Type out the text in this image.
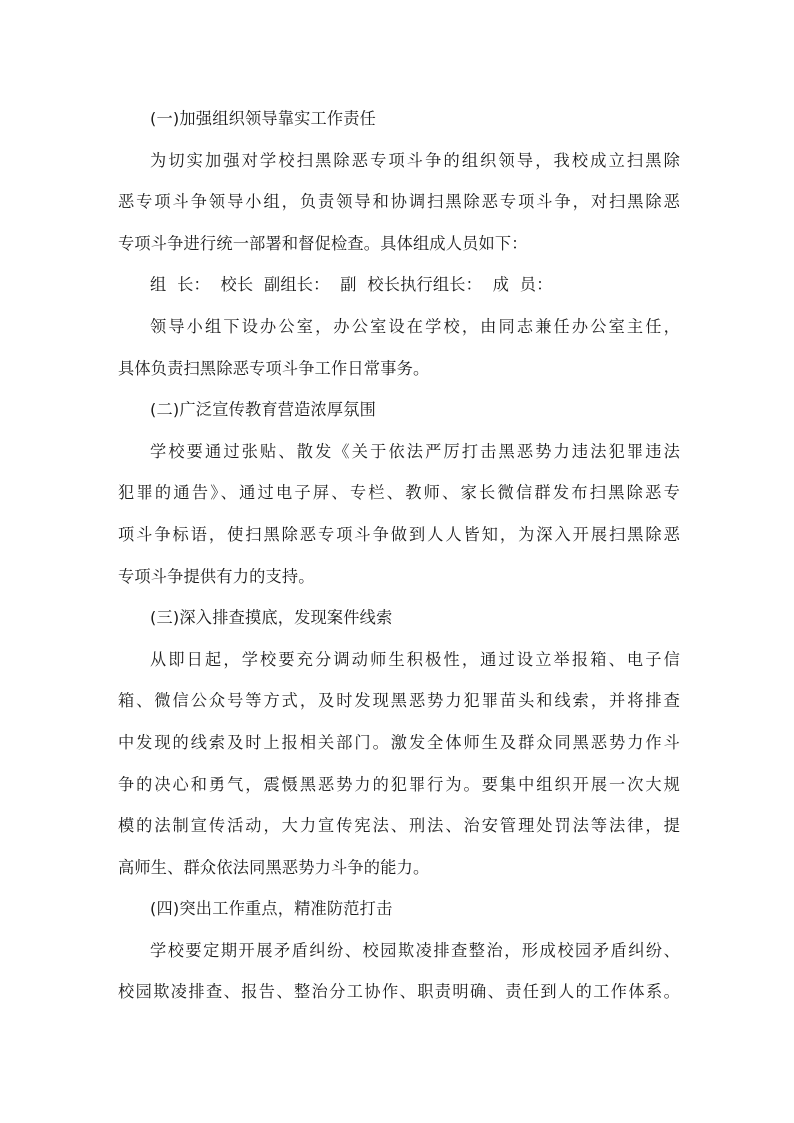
(一)加强组织领导靠实工作责任

为切实加强对学校扫黑除恶专项斗争的组织领导，我校成立扫黑除
恶专项斗争领导小组，负责领导和协调扫黑除恶专项斗争，对扫黑除恶
专项斗争进行统一部署和督促检查。具体组成人员如下：

组  长：  校长  副组长：  副  校长执行组长：  成  员：

领导小组下设办公室，办公室设在学校，由同志兼任办公室主任，
具体负责扫黑除恶专项斗争工作日常事务。

(二)广泛宣传教育营造浓厚氛围

学校要通过张贴、散发《关于依法严厉打击黑恶势力违法犯罪违法
犯罪的通告》、通过电子屏、专栏、教师、家长微信群发布扫黑除恶专
项斗争标语，使扫黑除恶专项斗争做到人人皆知，为深入开展扫黑除恶
专项斗争提供有力的支持。

(三)深入排查摸底，发现案件线索

从即日起，学校要充分调动师生积极性，通过设立举报箱、电子信
箱、微信公众号等方式，及时发现黑恶势力犯罪苗头和线索，并将排查
中发现的线索及时上报相关部门。激发全体师生及群众同黑恶势力作斗
争的决心和勇气，震慑黑恶势力的犯罪行为。要集中组织开展一次大规
模的法制宣传活动，大力宣传宪法、刑法、治安管理处罚法等法律，提
高师生、群众依法同黑恶势力斗争的能力。

(四)突出工作重点，精准防范打击

学校要定期开展矛盾纠纷、校园欺凌排查整治，形成校园矛盾纠纷、
校园欺凌排查、报告、整治分工协作、职责明确、责任到人的工作体系。
